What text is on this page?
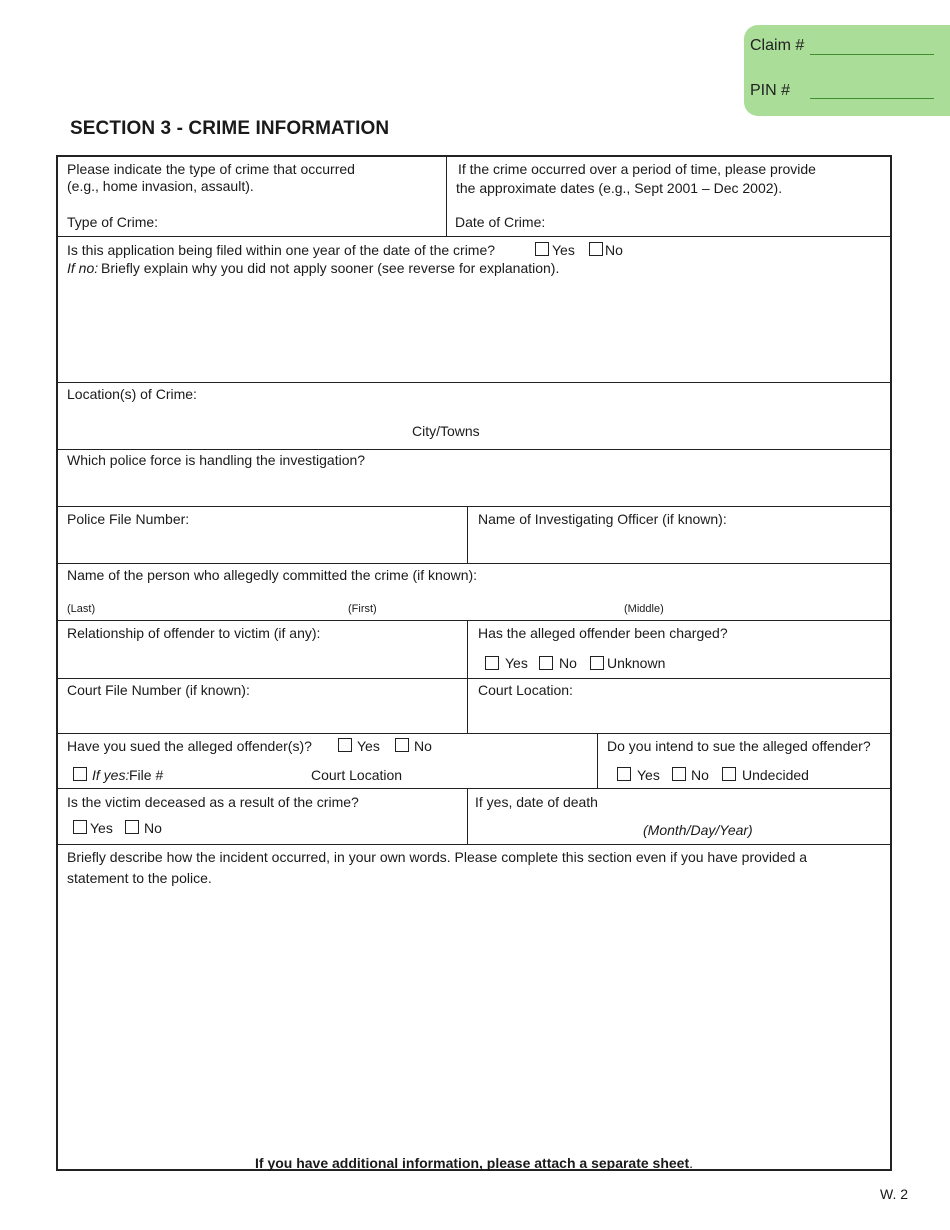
Claim #
PIN #
SECTION 3 - CRIME INFORMATION
Please indicate the type of crime that occurred
(e.g., home invasion, assault).
Type of Crime:
If the crime occurred over a period of time, please provide
the approximate dates (e.g., Sept 2001 – Dec 2002).
Date of Crime:
Is this application being filed within one year of the date of the crime?	Yes No
If no: Briefly explain why you did not apply sooner (see reverse for explanation).
Location(s) of Crime:
City/Towns
Which police force is handling the investigation?
Police File Number:	Name of Investigating Officer (if known):
Name of the person who allegedly committed the crime (if known):
(Last)	(First)	(Middle)
Relationship of offender to victim (if any):	Has the alleged offender been charged?
Yes No Unknown
Court File Number (if known):	Court Location:
Have you sued the alleged offender(s)?	Yes No
If yes: File #	Court Location
Do you intend to sue the alleged offender?
Yes No Undecided
Is the victim deceased as a result of the crime?
Yes No
If yes, date of death
(Month/Day/Year)
Briefly describe how the incident occurred, in your own words. Please complete this section even if you have provided a
statement to the police.
If you have additional information, please attach a separate sheet.
W. 2
